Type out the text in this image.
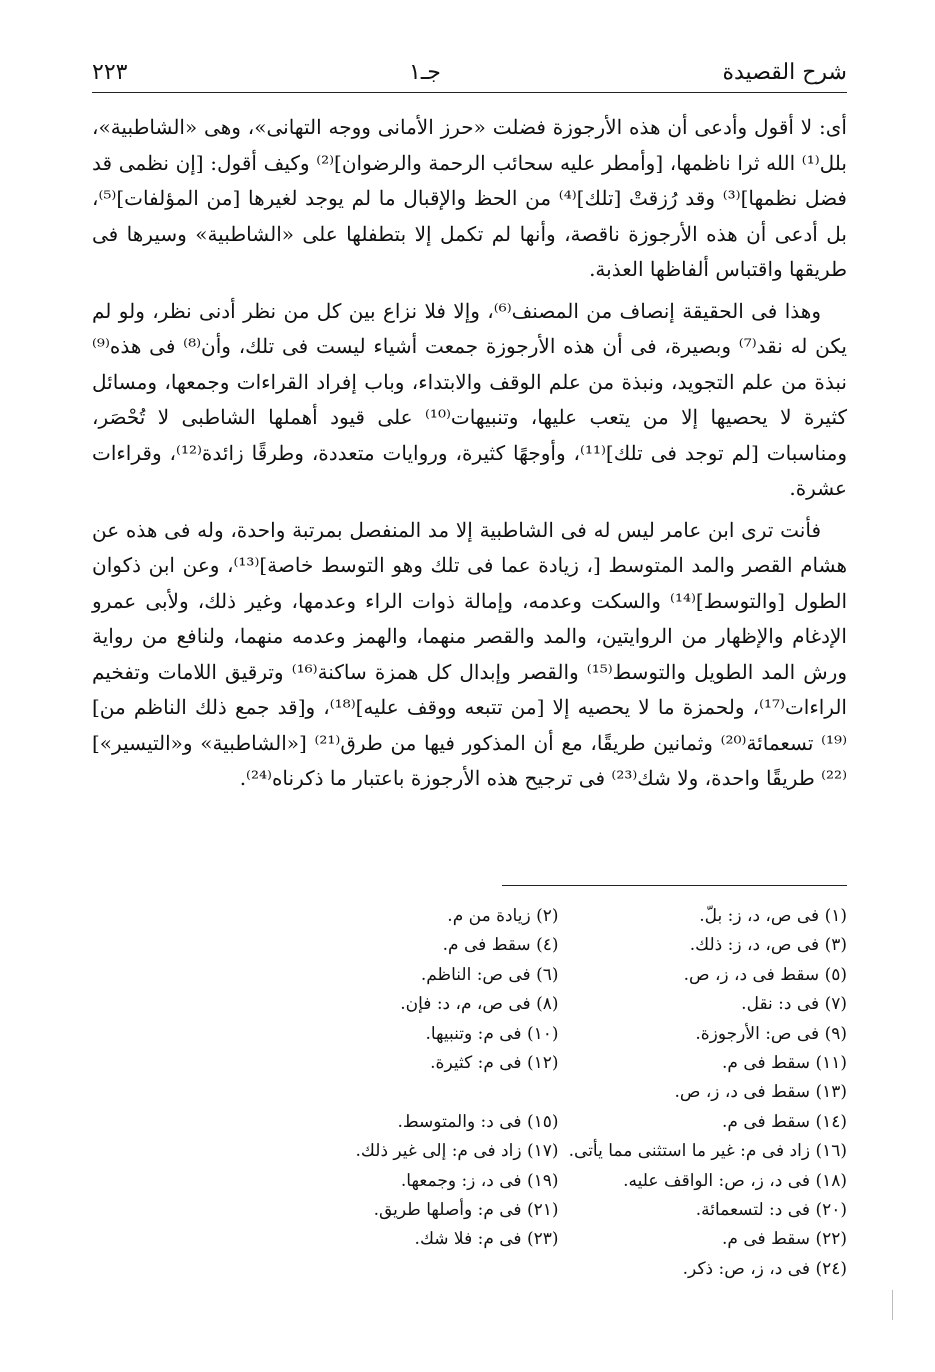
شرح القصيدة
جـ١
٢٢٣

أى: لا أقول وأدعى أن هذه الأرجوزة فضلت «حرز الأمانى ووجه التهانى»، وهى «الشاطبية»، بلل⁽¹⁾ الله ثرا ناظمها، [وأمطر عليه سحائب الرحمة والرضوان]⁽²⁾ وكيف أقول: [إن نظمى قد فضل نظمها]⁽³⁾ وقد رُزقتْ [تلك]⁽⁴⁾ من الحظ والإقبال ما لم يوجد لغيرها [من المؤلفات]⁽⁵⁾، بل أدعى أن هذه الأرجوزة ناقصة، وأنها لم تكمل إلا بتطفلها على «الشاطبية» وسيرها فى طريقها واقتباس ألفاظها العذبة.

وهذا فى الحقيقة إنصاف من المصنف⁽⁶⁾، وإلا فلا نزاع بين كل من نظر أدنى نظر، ولو لم يكن له نقد⁽⁷⁾ وبصيرة، فى أن هذه الأرجوزة جمعت أشياء ليست فى تلك، وأن⁽⁸⁾ فى هذه⁽⁹⁾ نبذة من علم التجويد، ونبذة من علم الوقف والابتداء، وباب إفراد القراءات وجمعها، ومسائل كثيرة لا يحصيها إلا من يتعب عليها، وتنبيهات⁽¹⁰⁾ على قيود أهملها الشاطبى لا تُحْصَر، ومناسبات [لم توجد فى تلك]⁽¹¹⁾، وأوجهًا كثيرة، وروايات متعددة، وطرقًا زائدة⁽¹²⁾، وقراءات عشرة.

فأنت ترى ابن عامر ليس له فى الشاطبية إلا مد المنفصل بمرتبة واحدة، وله فى هذه عن هشام القصر والمد المتوسط [، زيادة عما فى تلك وهو التوسط خاصة]⁽¹³⁾، وعن ابن ذكوان الطول [والتوسط]⁽¹⁴⁾ والسكت وعدمه، وإمالة ذوات الراء وعدمها، وغير ذلك، ولأبى عمرو الإدغام والإظهار من الروايتين، والمد والقصر منهما، والهمز وعدمه منهما، ولنافع من رواية ورش المد الطويل والتوسط⁽¹⁵⁾ والقصر وإبدال كل همزة ساكنة⁽¹⁶⁾ وترقيق اللامات وتفخيم الراءات⁽¹⁷⁾، ولحمزة ما لا يحصيه إلا [من تتبعه ووقف عليه]⁽¹⁸⁾، و[قد جمع ذلك الناظم من]⁽¹⁹⁾ تسعمائة⁽²⁰⁾ وثمانين طريقًا، مع أن المذكور فيها من طرق⁽²¹⁾ [«الشاطبية» و«التيسير»]⁽²²⁾ طريقًا واحدة، ولا شك⁽²³⁾ فى ترجيح هذه الأرجوزة باعتبار ما ذكرناه⁽²⁴⁾.

(١) فى ص، د، ز: بلّ.
(٢) زيادة من م.
(٣) فى ص، د، ز: ذلك.
(٤) سقط فى م.
(٥) سقط فى د، ز، ص.
(٦) فى ص: الناظم.
(٧) فى د: نقل.
(٨) فى ص، م، د: فإن.
(٩) فى ص: الأرجوزة.
(١٠) فى م: وتنبيها.
(١١) سقط فى م.
(١٢) فى م: كثيرة.
(١٣) سقط فى د، ز، ص.
(١٤) سقط فى م.
(١٥) فى د: والمتوسط.
(١٦) زاد فى م: غير ما استثنى مما يأتى.
(١٧) زاد فى م: إلى غير ذلك.
(١٨) فى د، ز، ص: الواقف عليه.
(١٩) فى د، ز: وجمعها.
(٢٠) فى د: لتسعمائة.
(٢١) فى م: وأصلها طريق.
(٢٢) سقط فى م.
(٢٣) فى م: فلا شك.
(٢٤) فى د، ز، ص: ذكر.
